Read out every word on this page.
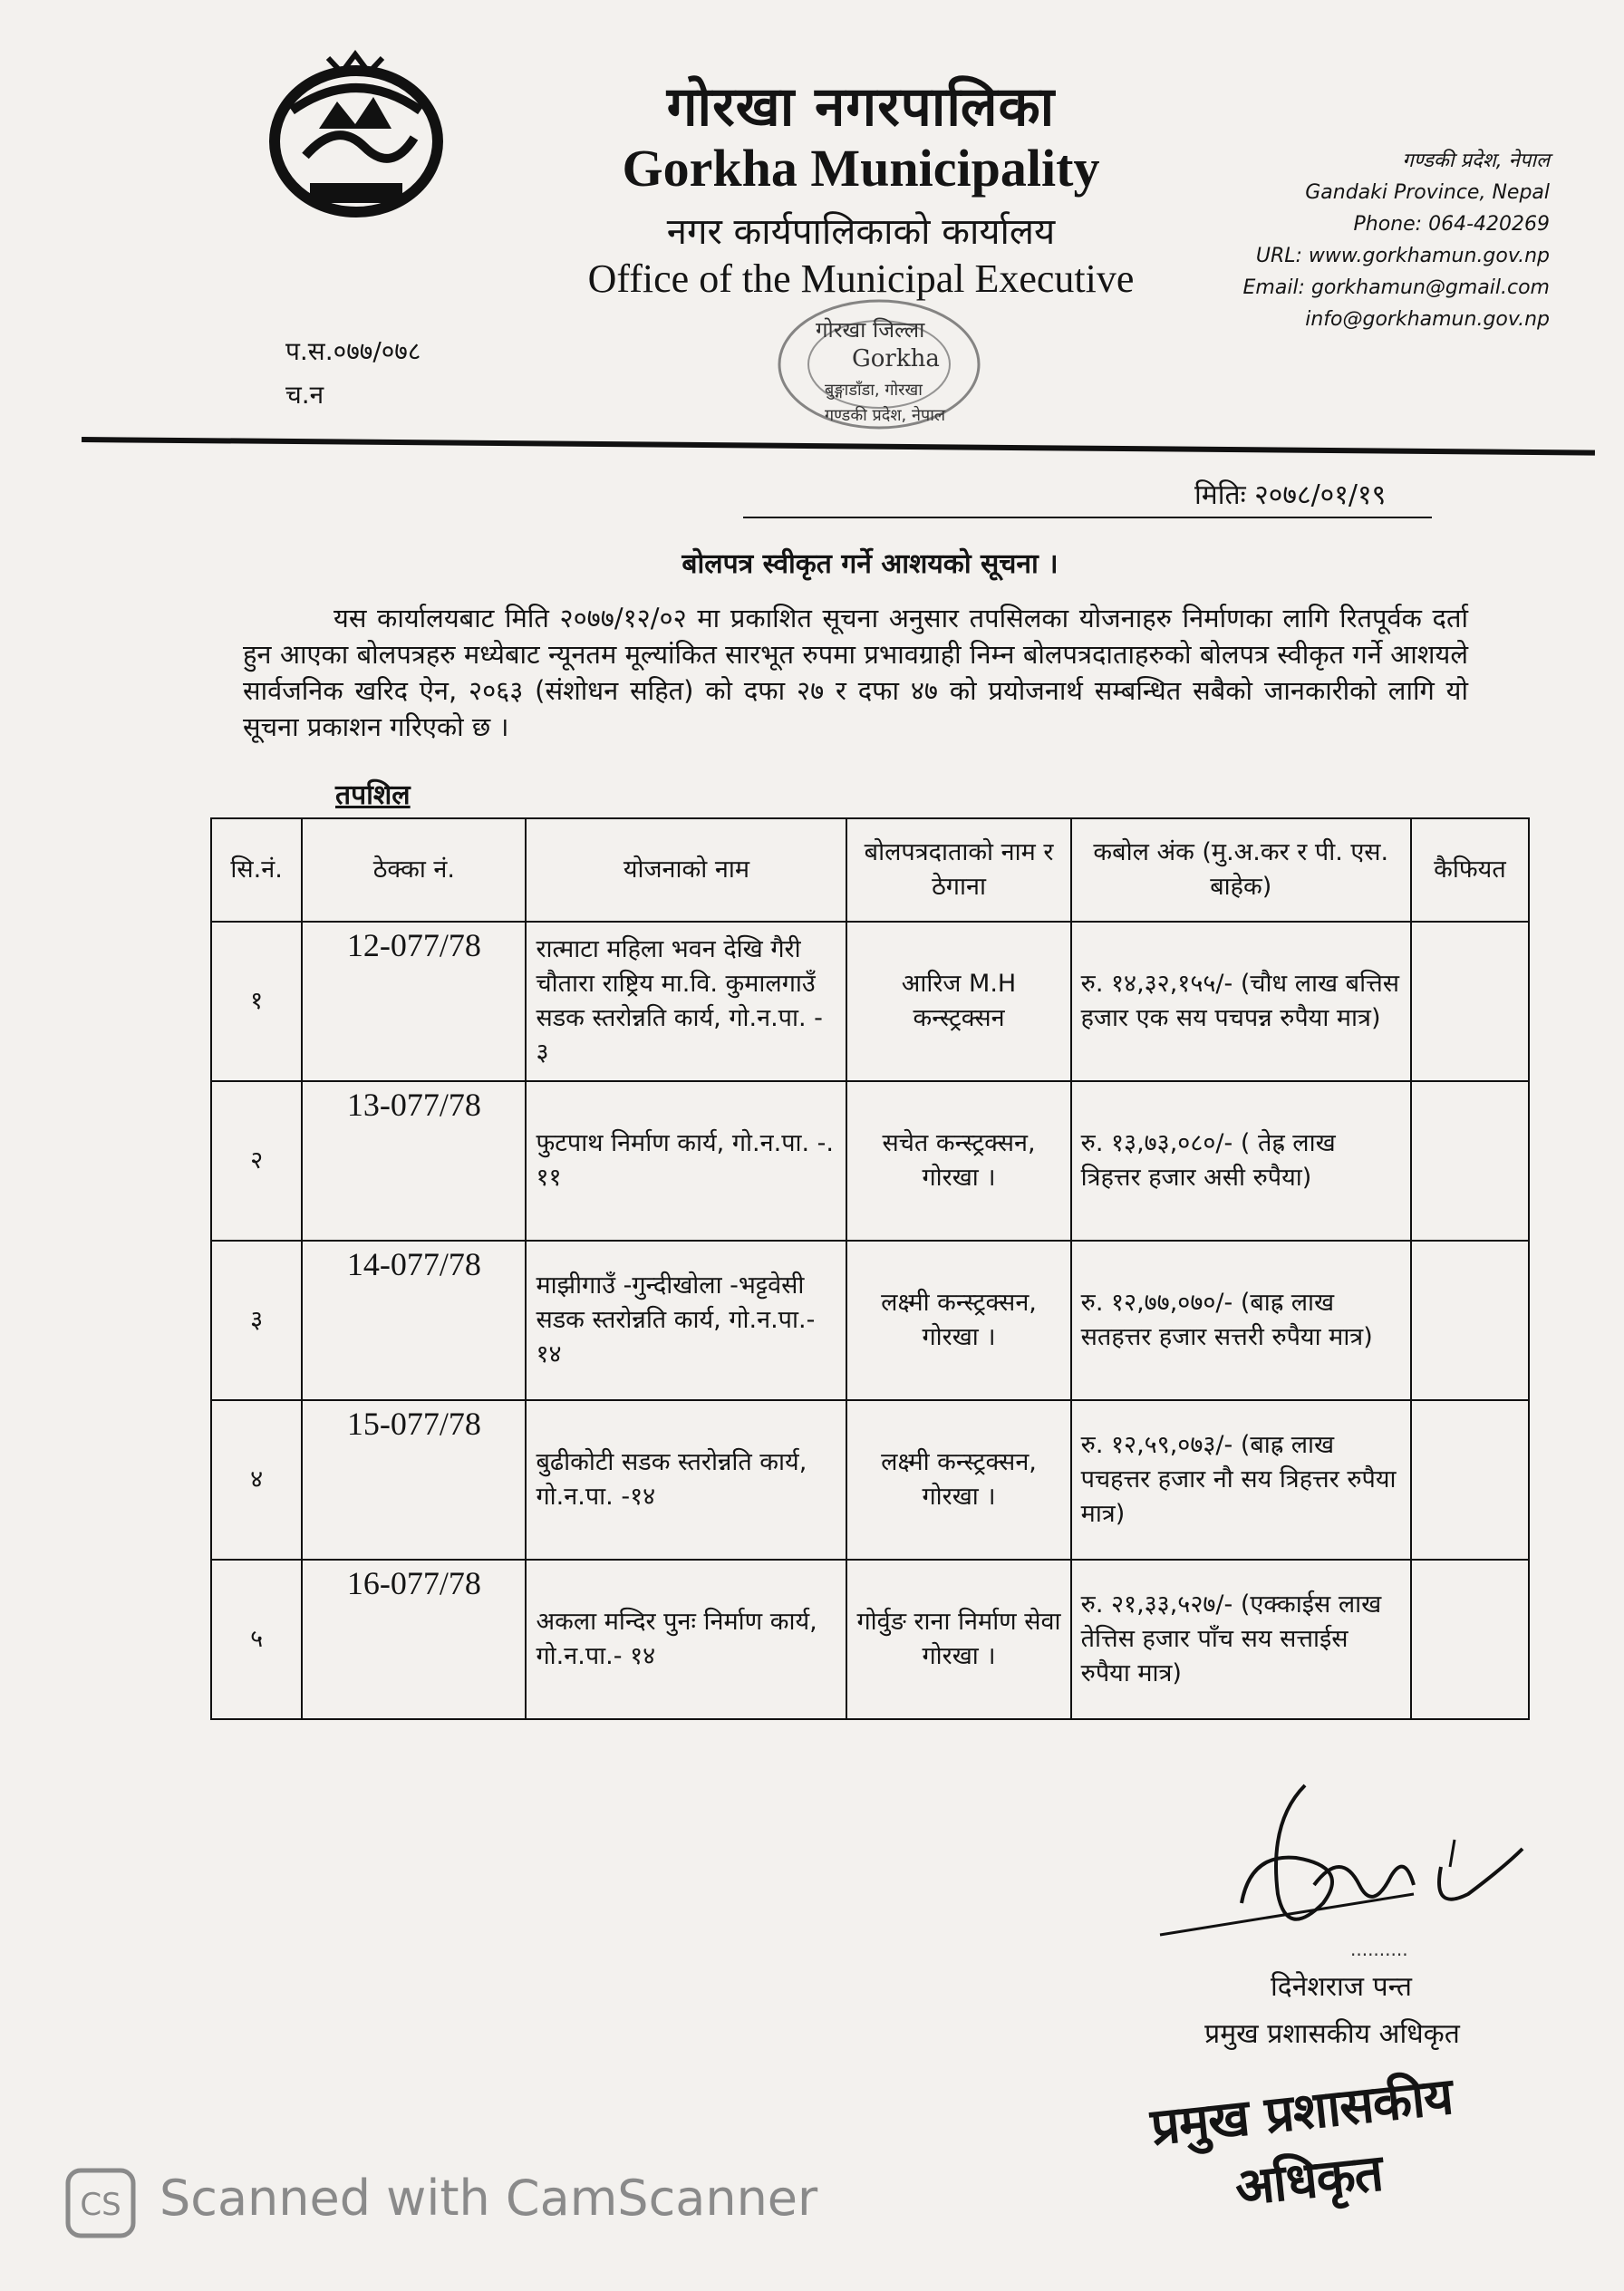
गोरखा नगरपालिका
Gorkha Municipality
नगर कार्यपालिकाको कार्यालय
Office of the Municipal Executive
गण्डकी प्रदेश, नेपाल
Gandaki Province, Nepal
Phone: 064-420269
URL: www.gorkhamun.gov.np
Email: gorkhamun@gmail.com
info@gorkhamun.gov.np
प.स.०७७/०७८
च.न
गोरखा जिल्ला
Gorkha
बुङ्गाडाँडा, गोरखा
गण्डकी प्रदेश, नेपाल
मितिः २०७८/०१/१९
बोलपत्र स्वीकृत गर्ने आशयको सूचना ।
यस कार्यालयबाट मिति २०७७/१२/०२ मा प्रकाशित सूचना अनुसार तपसिलका योजनाहरु निर्माणका लागि रितपूर्वक दर्ता हुन आएका बोलपत्रहरु मध्येबाट न्यूनतम मूल्यांकित सारभूत रुपमा प्रभावग्राही निम्न बोलपत्रदाताहरुको बोलपत्र स्वीकृत गर्ने आशयले सार्वजनिक खरिद ऐन, २०६३ (संशोधन सहित) को दफा २७ र दफा ४७ को प्रयोजनार्थ सम्बन्धित सबैको जानकारीको लागि यो सूचना प्रकाशन गरिएको छ ।
तपशिल
सि.नं.	ठेक्का नं.	योजनाको नाम	बोलपत्रदाताको नाम र ठेगाना	कबोल अंक (मु.अ.कर र पी. एस. बाहेक)	कैफियत
१	12-077/78	रात्माटा महिला भवन देखि गैरी चौतारा राष्ट्रिय मा.वि. कुमालगाउँ सडक स्तरोन्नति कार्य, गो.न.पा. - ३	आरिज M.H कन्स्ट्रक्सन	रु. १४,३२,१५५/- (चौध लाख बत्तिस हजार एक सय पचपन्न रुपैया मात्र)	
२	13-077/78	फुटपाथ निर्माण कार्य, गो.न.पा. -. ११	सचेत कन्स्ट्रक्सन, गोरखा ।	रु. १३,७३,०८०/- ( तेह्र लाख त्रिहत्तर हजार असी रुपैया)	
३	14-077/78	माझीगाउँ -गुन्दीखोला -भट्टवेसी सडक स्तरोन्नति कार्य, गो.न.पा.- १४	लक्ष्मी कन्स्ट्रक्सन, गोरखा ।	रु. १२,७७,०७०/- (बाह्र लाख सतहत्तर हजार सत्तरी रुपैया मात्र)	
४	15-077/78	बुढीकोटी सडक स्तरोन्नति कार्य, गो.न.पा. -१४	लक्ष्मी कन्स्ट्रक्सन, गोरखा ।	रु. १२,५९,०७३/- (बाह्र लाख पचहत्तर हजार नौ सय त्रिहत्तर रुपैया मात्र)	
५	16-077/78	अकला मन्दिर पुनः निर्माण कार्य, गो.न.पा.- १४	गोर्वुङ राना निर्माण सेवा गोरखा ।	रु. २१,३३,५२७/- (एक्काईस लाख तेत्तिस हजार पाँच सय सत्ताईस रुपैया मात्र)	
..........
दिनेशराज पन्त
प्रमुख प्रशासकीय अधिकृत
प्रमुख प्रशासकीय अधिकृत
CS Scanned with CamScanner
